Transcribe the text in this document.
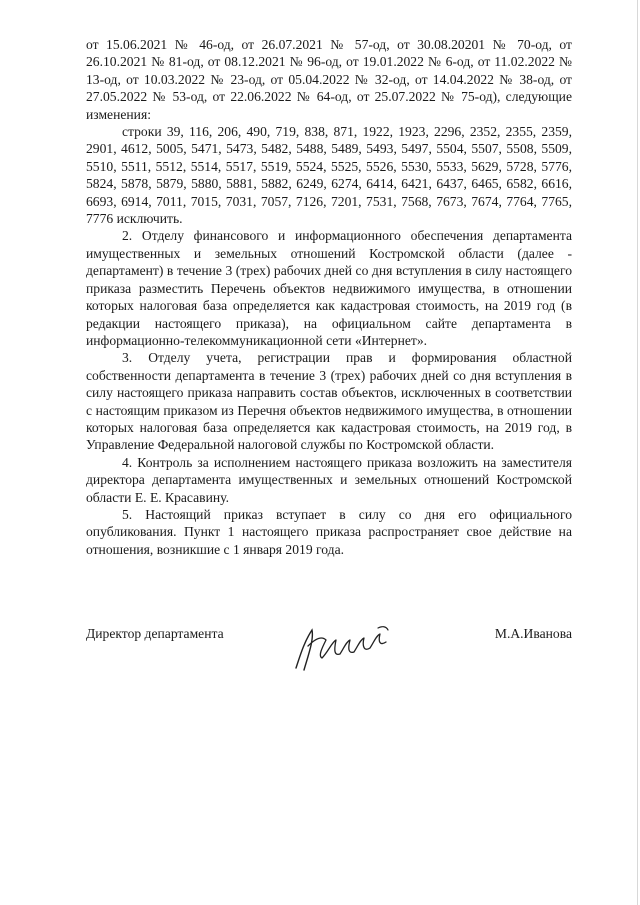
от 15.06.2021 № 46-од, от 26.07.2021 № 57-од, от 30.08.20201 № 70-од, от 26.10.2021 № 81-од, от 08.12.2021 № 96-од, от 19.01.2022 № 6-од, от 11.02.2022 № 13-од, от 10.03.2022 № 23-од, от 05.04.2022 № 32-од, от 14.04.2022 № 38-од, от 27.05.2022 № 53-од, от 22.06.2022 № 64-од, от 25.07.2022 № 75-од), следующие изменения:

строки 39, 116, 206, 490, 719, 838, 871, 1922, 1923, 2296, 2352, 2355, 2359, 2901, 4612, 5005, 5471, 5473, 5482, 5488, 5489, 5493, 5497, 5504, 5507, 5508, 5509, 5510, 5511, 5512, 5514, 5517, 5519, 5524, 5525, 5526, 5530, 5533, 5629, 5728, 5776, 5824, 5878, 5879, 5880, 5881, 5882, 6249, 6274, 6414, 6421, 6437, 6465, 6582, 6616, 6693, 6914, 7011, 7015, 7031, 7057, 7126, 7201, 7531, 7568, 7673, 7674, 7764, 7765, 7776 исключить.

2. Отделу финансового и информационного обеспечения департамента имущественных и земельных отношений Костромской области (далее - департамент) в течение 3 (трех) рабочих дней со дня вступления в силу настоящего приказа разместить Перечень объектов недвижимого имущества, в отношении которых налоговая база определяется как кадастровая стоимость, на 2019 год (в редакции настоящего приказа), на официальном сайте департамента в информационно-телекоммуникационной сети «Интернет».

3. Отделу учета, регистрации прав и формирования областной собственности департамента в течение 3 (трех) рабочих дней со дня вступления в силу настоящего приказа направить состав объектов, исключенных в соответствии с настоящим приказом из Перечня объектов недвижимого имущества, в отношении которых налоговая база определяется как кадастровая стоимость, на 2019 год, в Управление Федеральной налоговой службы по Костромской области.

4. Контроль за исполнением настоящего приказа возложить на заместителя директора департамента имущественных и земельных отношений Костромской области Е. Е. Красавину.

5. Настоящий приказ вступает в силу со дня его официального опубликования. Пункт 1 настоящего приказа распространяет свое действие на отношения, возникшие с 1 января 2019 года.

Директор департамента	М.А.Иванова
